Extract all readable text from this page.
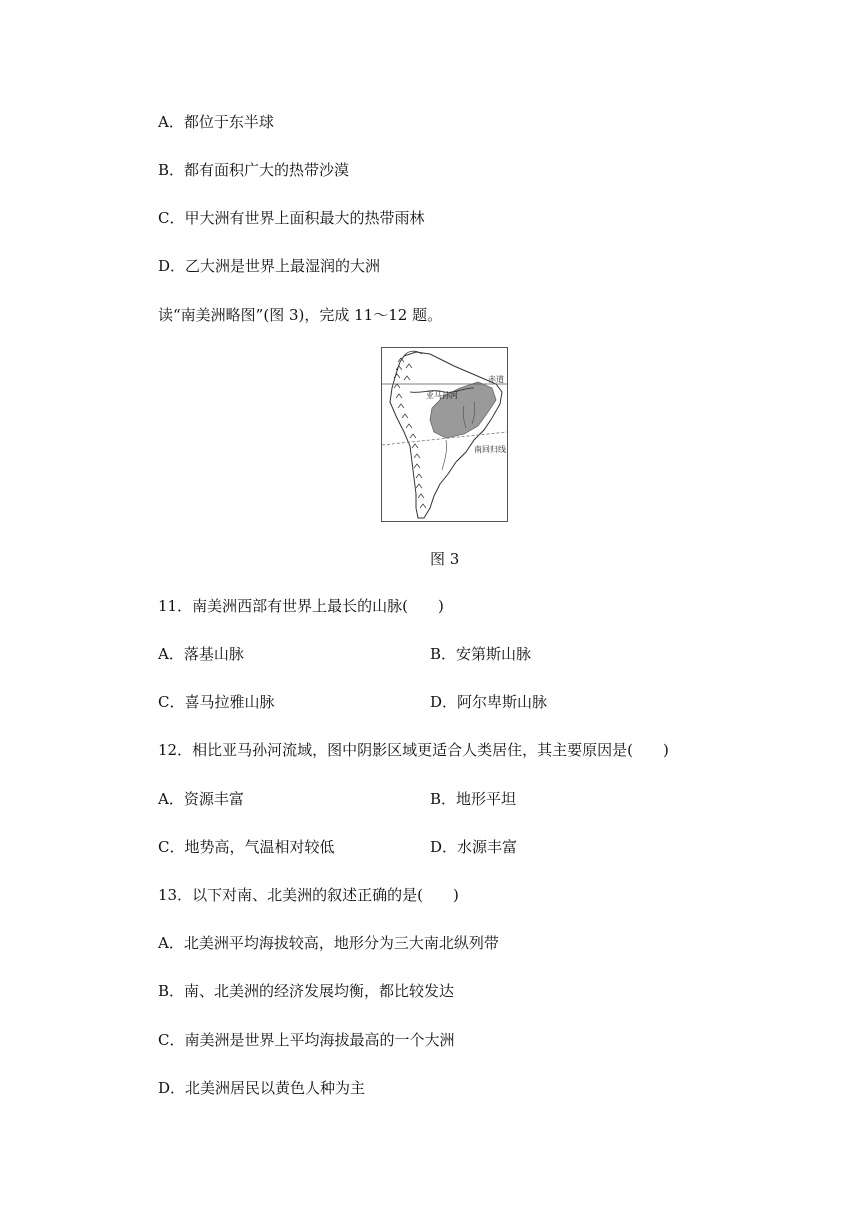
A．都位于东半球
B．都有面积广大的热带沙漠
C．甲大洲有世界上面积最大的热带雨林
D．乙大洲是世界上最湿润的大洲
读“南美洲略图”(图 3)，完成 11～12 题。
赤道
亚马孙河
南回归线
图 3
11．南美洲西部有世界上最长的山脉(　　)
A．落基山脉	B．安第斯山脉
C．喜马拉雅山脉	D．阿尔卑斯山脉
12．相比亚马孙河流域，图中阴影区域更适合人类居住，其主要原因是(　　)
A．资源丰富	B．地形平坦
C．地势高，气温相对较低	D．水源丰富
13．以下对南、北美洲的叙述正确的是(　　)
A．北美洲平均海拔较高，地形分为三大南北纵列带
B．南、北美洲的经济发展均衡，都比较发达
C．南美洲是世界上平均海拔最高的一个大洲
D．北美洲居民以黄色人种为主
